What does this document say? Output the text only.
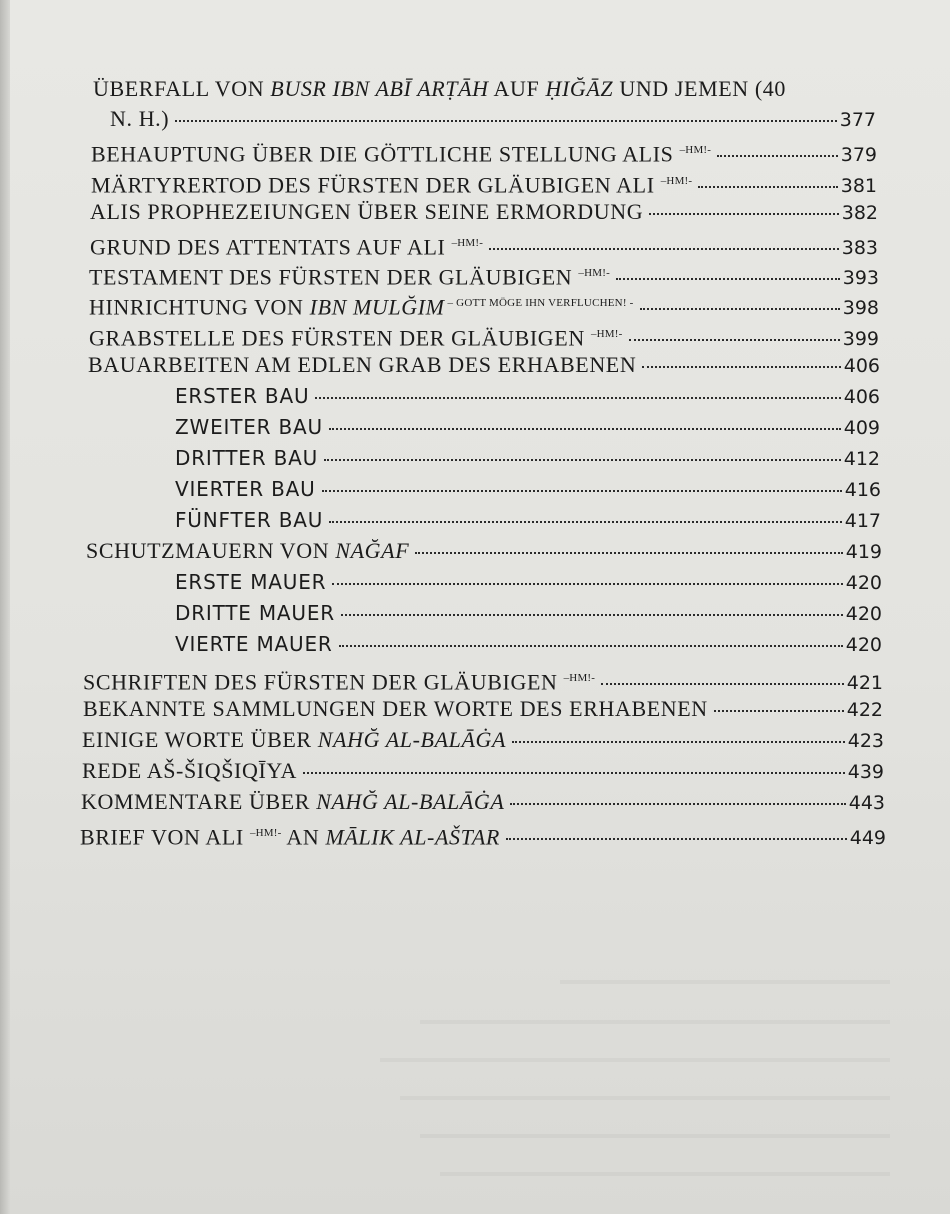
ÜBERFALL VON BUSR IBN ABĪ ARṬĀH AUF ḤIĞĀZ UND JEMEN (40
N. H.)	377
BEHAUPTUNG ÜBER DIE GÖTTLICHE STELLUNG ALIS $^{-HM!-}$	379
MÄRTYRERTOD DES FÜRSTEN DER GLÄUBIGEN ALI $^{-HM!-}$	381
ALIS PROPHEZEIUNGEN ÜBER SEINE ERMORDUNG	382
GRUND DES ATTENTATS AUF ALI $^{-HM!-}$	383
TESTAMENT DES FÜRSTEN DER GLÄUBIGEN $^{-HM!-}$	393
HINRICHTUNG VON IBN MULĞIM $^{- GOTT MÖGE IHN VERFLUCHEN! -}$	398
GRABSTELLE DES FÜRSTEN DER GLÄUBIGEN $^{-HM!-}$	399
BAUARBEITEN AM EDLEN GRAB DES ERHABENEN	406
ERSTER BAU	406
ZWEITER BAU	409
DRITTER BAU	412
VIERTER BAU	416
FÜNFTER BAU	417
SCHUTZMAUERN VON NAĞAF	419
ERSTE MAUER	420
DRITTE MAUER	420
VIERTE MAUER	420
SCHRIFTEN DES FÜRSTEN DER GLÄUBIGEN $^{-HM!-}$	421
BEKANNTE SAMMLUNGEN DER WORTE DES ERHABENEN	422
EINIGE WORTE ÜBER NAHĞ AL-BALĀĠA	423
REDE AŠ-ŠIQŠIQĪYA	439
KOMMENTARE ÜBER NAHĞ AL-BALĀĠA	443
BRIEF VON ALI $^{-HM!-}$ AN MĀLIK AL-AŠTAR	449
